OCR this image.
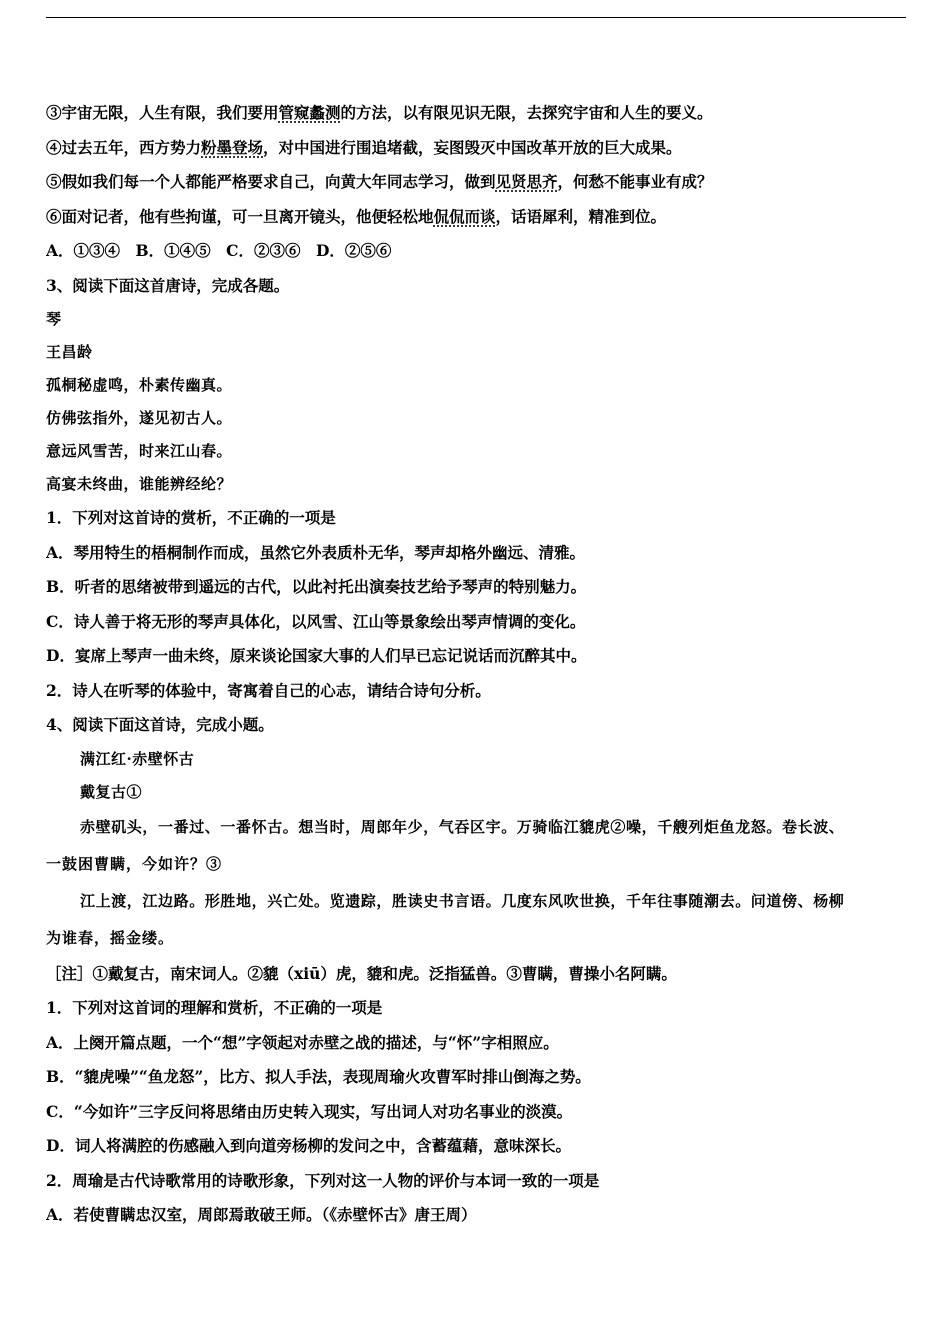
③宇宙无限，人生有限，我们要用管窥蠡测的方法，以有限见识无限，去探究宇宙和人生的要义。
④过去五年，西方势力粉墨登场，对中国进行围追堵截，妄图毁灭中国改革开放的巨大成果。
⑤假如我们每一个人都能严格要求自己，向黄大年同志学习，做到见贤思齐，何愁不能事业有成？
⑥面对记者，他有些拘谨，可一旦离开镜头，他便轻松地侃侃而谈，话语犀利，精准到位。
A．①③④　B．①④⑤　C．②③⑥　D．②⑤⑥
3、阅读下面这首唐诗，完成各题。
琴
王昌龄
孤桐秘虚鸣，朴素传幽真。
仿佛弦指外，遂见初古人。
意远风雪苦，时来江山春。
高宴未终曲，谁能辨经纶？
1．下列对这首诗的赏析，不正确的一项是
A．琴用特生的梧桐制作而成，虽然它外表质朴无华，琴声却格外幽远、清雅。
B．听者的思绪被带到遥远的古代，以此衬托出演奏技艺给予琴声的特别魅力。
C．诗人善于将无形的琴声具体化，以风雪、江山等景象绘出琴声情调的变化。
D．宴席上琴声一曲未终，原来谈论国家大事的人们早已忘记说话而沉醉其中。
2．诗人在听琴的体验中，寄寓着自己的心志，请结合诗句分析。
4、阅读下面这首诗，完成小题。
满江红·赤壁怀古
戴复古①
赤壁矶头，一番过、一番怀古。想当时，周郎年少，气吞区宇。万骑临江貔虎②噪，千艘列炬鱼龙怒。卷长波、
一鼓困曹瞒，今如许？③
江上渡，江边路。形胜地，兴亡处。览遗踪，胜读史书言语。几度东风吹世换，千年往事随潮去。问道傍、杨柳
为谁春，摇金缕。
［注］①戴复古，南宋词人。②貔（xiū）虎，貔和虎。泛指猛兽。③曹瞒，曹操小名阿瞒。
1．下列对这首词的理解和赏析，不正确的一项是
A．上阕开篇点题，一个“想”字领起对赤壁之战的描述，与“怀”字相照应。
B．“貔虎噪”“鱼龙怒”，比方、拟人手法，表现周瑜火攻曹军时排山倒海之势。
C．“今如许”三字反问将思绪由历史转入现实，写出词人对功名事业的淡漠。
D．词人将满腔的伤感融入到向道旁杨柳的发问之中，含蓄蕴藉，意味深长。
2．周瑜是古代诗歌常用的诗歌形象，下列对这一人物的评价与本词一致的一项是
A．若使曹瞒忠汉室，周郎焉敢破王师。（《赤壁怀古》唐王周）
